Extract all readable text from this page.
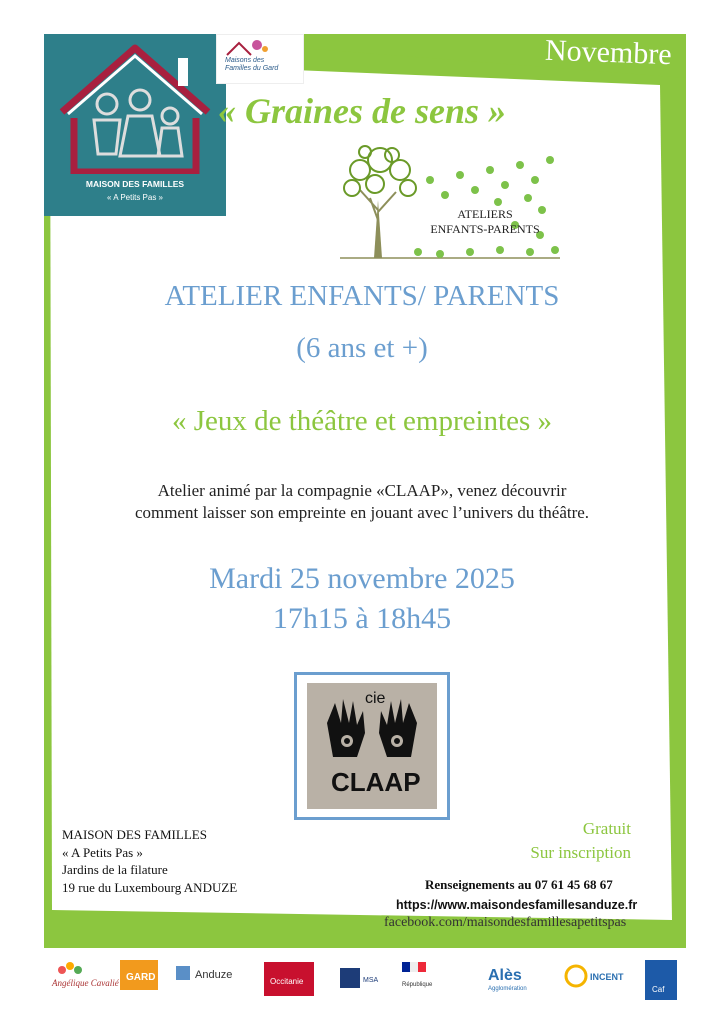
MAISON DES FAMILLES
« A Petits Pas »
Maisons des
Familles du Gard	Novembre
« Graines de sens »
ATELIERS
ENFANTS-PARENTS
ATELIER ENFANTS/ PARENTS
(6 ans et +)
« Jeux de théâtre et empreintes »
Atelier animé par la compagnie «CLAAP», venez découvrir
comment laisser son empreinte en jouant avec l’univers du théâtre.
Mardi 25 novembre 2025
17h15 à 18h45
cie
CLAAP
MAISON DES FAMILLES
« A Petits Pas »
Jardins de la filature
19 rue du Luxembourg ANDUZE
Gratuit
Sur inscription
Renseignements au 07 61 45 68 67
https://www.maisondesfamillesanduze.fr
facebook.com/maisondesfamillesapetitspas
Angélique Cavalié GARD	Anduze
Occitanie	MSA
République
Alès
Agglomération
INCENT
Caf
